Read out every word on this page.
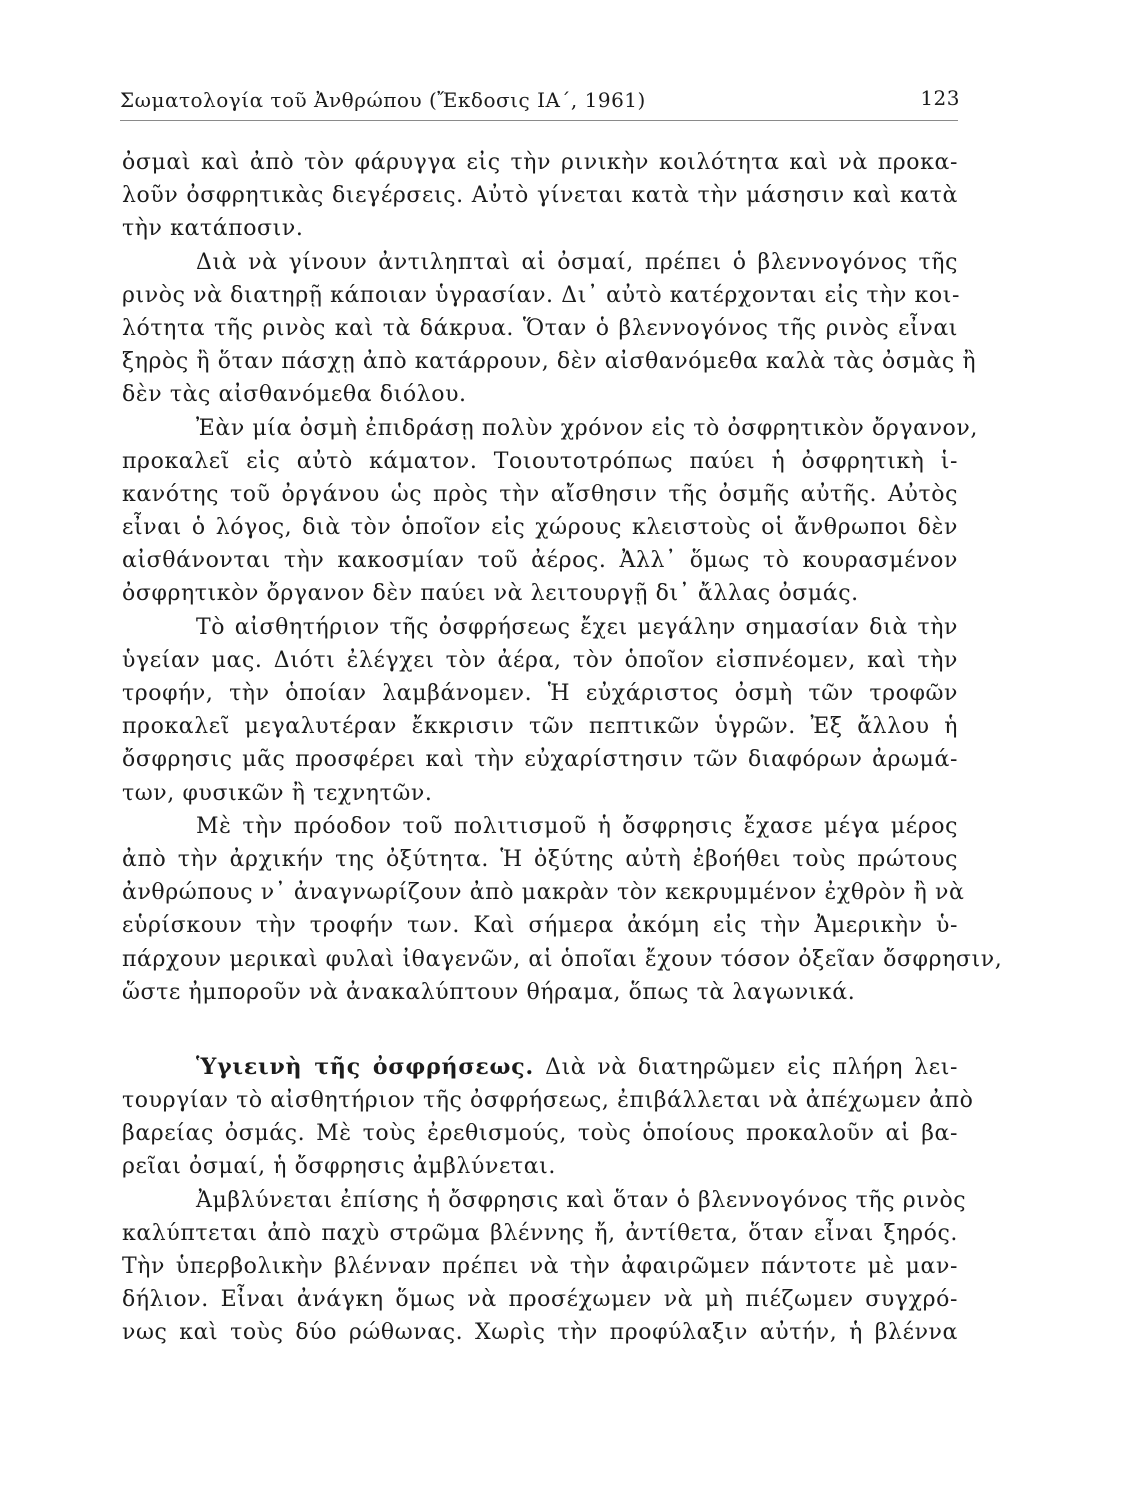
Σωματολογία τοῦ Ἀνθρώπου (Ἔκδοσις ΙΑ΄, 1961)	123
ὀσμαὶ καὶ ἀπὸ τὸν φάρυγγα εἰς τὴν ρινικὴν κοιλότητα καὶ νὰ προκα-
λοῦν ὀσφρητικὰς διεγέρσεις. Αὐτὸ γίνεται κατὰ τὴν μάσησιν καὶ κατὰ
τὴν κατάποσιν.
Διὰ νὰ γίνουν ἀντιληπταὶ αἱ ὀσμαί, πρέπει ὁ βλεννογόνος τῆς
ρινὸς νὰ διατηρῇ κάποιαν ὑγρασίαν. Δι᾽ αὐτὸ κατέρχονται εἰς τὴν κοι-
λότητα τῆς ρινὸς καὶ τὰ δάκρυα. Ὅταν ὁ βλεννογόνος τῆς ρινὸς εἶναι
ξηρὸς ἢ ὅταν πάσχῃ ἀπὸ κατάρρουν, δὲν αἰσθανόμεθα καλὰ τὰς ὀσμὰς ἢ
δὲν τὰς αἰσθανόμεθα διόλου.
Ἐὰν μία ὀσμὴ ἐπιδράσῃ πολὺν χρόνον εἰς τὸ ὀσφρητικὸν ὄργανον,
προκαλεῖ εἰς αὐτὸ κάματον. Τοιουτοτρόπως παύει ἡ ὀσφρητικὴ ἱ-
κανότης τοῦ ὀργάνου ὡς πρὸς τὴν αἴσθησιν τῆς ὀσμῆς αὐτῆς. Αὐτὸς
εἶναι ὁ λόγος, διὰ τὸν ὁποῖον εἰς χώρους κλειστοὺς οἱ ἄνθρωποι δὲν
αἰσθάνονται τὴν κακοσμίαν τοῦ ἀέρος. Ἀλλ᾽ ὅμως τὸ κουρασμένον
ὀσφρητικὸν ὄργανον δὲν παύει νὰ λειτουργῇ δι᾽ ἄλλας ὀσμάς.
Τὸ αἰσθητήριον τῆς ὀσφρήσεως ἔχει μεγάλην σημασίαν διὰ τὴν
ὑγείαν μας. Διότι ἐλέγχει τὸν ἀέρα, τὸν ὁποῖον εἰσπνέομεν, καὶ τὴν
τροφήν, τὴν ὁποίαν λαμβάνομεν. Ἡ εὐχάριστος ὀσμὴ τῶν τροφῶν
προκαλεῖ μεγαλυτέραν ἔκκρισιν τῶν πεπτικῶν ὑγρῶν. Ἐξ ἄλλου ἡ
ὄσφρησις μᾶς προσφέρει καὶ τὴν εὐχαρίστησιν τῶν διαφόρων ἀρωμά-
των, φυσικῶν ἢ τεχνητῶν.
Μὲ τὴν πρόοδον τοῦ πολιτισμοῦ ἡ ὄσφρησις ἔχασε μέγα μέρος
ἀπὸ τὴν ἀρχικήν της ὀξύτητα. Ἡ ὀξύτης αὐτὴ ἐβοήθει τοὺς πρώτους
ἀνθρώπους ν᾽ ἀναγνωρίζουν ἀπὸ μακρὰν τὸν κεκρυμμένον ἐχθρὸν ἢ νὰ
εὑρίσκουν τὴν τροφήν των. Καὶ σήμερα ἀκόμη εἰς τὴν Ἀμερικὴν ὑ-
πάρχουν μερικαὶ φυλαὶ ἰθαγενῶν, αἱ ὁποῖαι ἔχουν τόσον ὀξεῖαν ὄσφρησιν,
ὥστε ἠμποροῦν νὰ ἀνακαλύπτουν θήραμα, ὅπως τὰ λαγωνικά.
Ὑγιεινὴ τῆς ὀσφρήσεως. Διὰ νὰ διατηρῶμεν εἰς πλήρη λει-
τουργίαν τὸ αἰσθητήριον τῆς ὀσφρήσεως, ἐπιβάλλεται νὰ ἀπέχωμεν ἀπὸ
βαρείας ὀσμάς. Μὲ τοὺς ἐρεθισμούς, τοὺς ὁποίους προκαλοῦν αἱ βα-
ρεῖαι ὀσμαί, ἡ ὄσφρησις ἀμβλύνεται.
Ἀμβλύνεται ἐπίσης ἡ ὄσφρησις καὶ ὅταν ὁ βλεννογόνος τῆς ρινὸς
καλύπτεται ἀπὸ παχὺ στρῶμα βλέννης ἤ, ἀντίθετα, ὅταν εἶναι ξηρός.
Τὴν ὑπερβολικὴν βλένναν πρέπει νὰ τὴν ἀφαιρῶμεν πάντοτε μὲ μαν-
δήλιον. Εἶναι ἀνάγκη ὅμως νὰ προσέχωμεν νὰ μὴ πιέζωμεν συγχρό-
νως καὶ τοὺς δύο ρώθωνας. Χωρὶς τὴν προφύλαξιν αὐτήν, ἡ βλέννα
